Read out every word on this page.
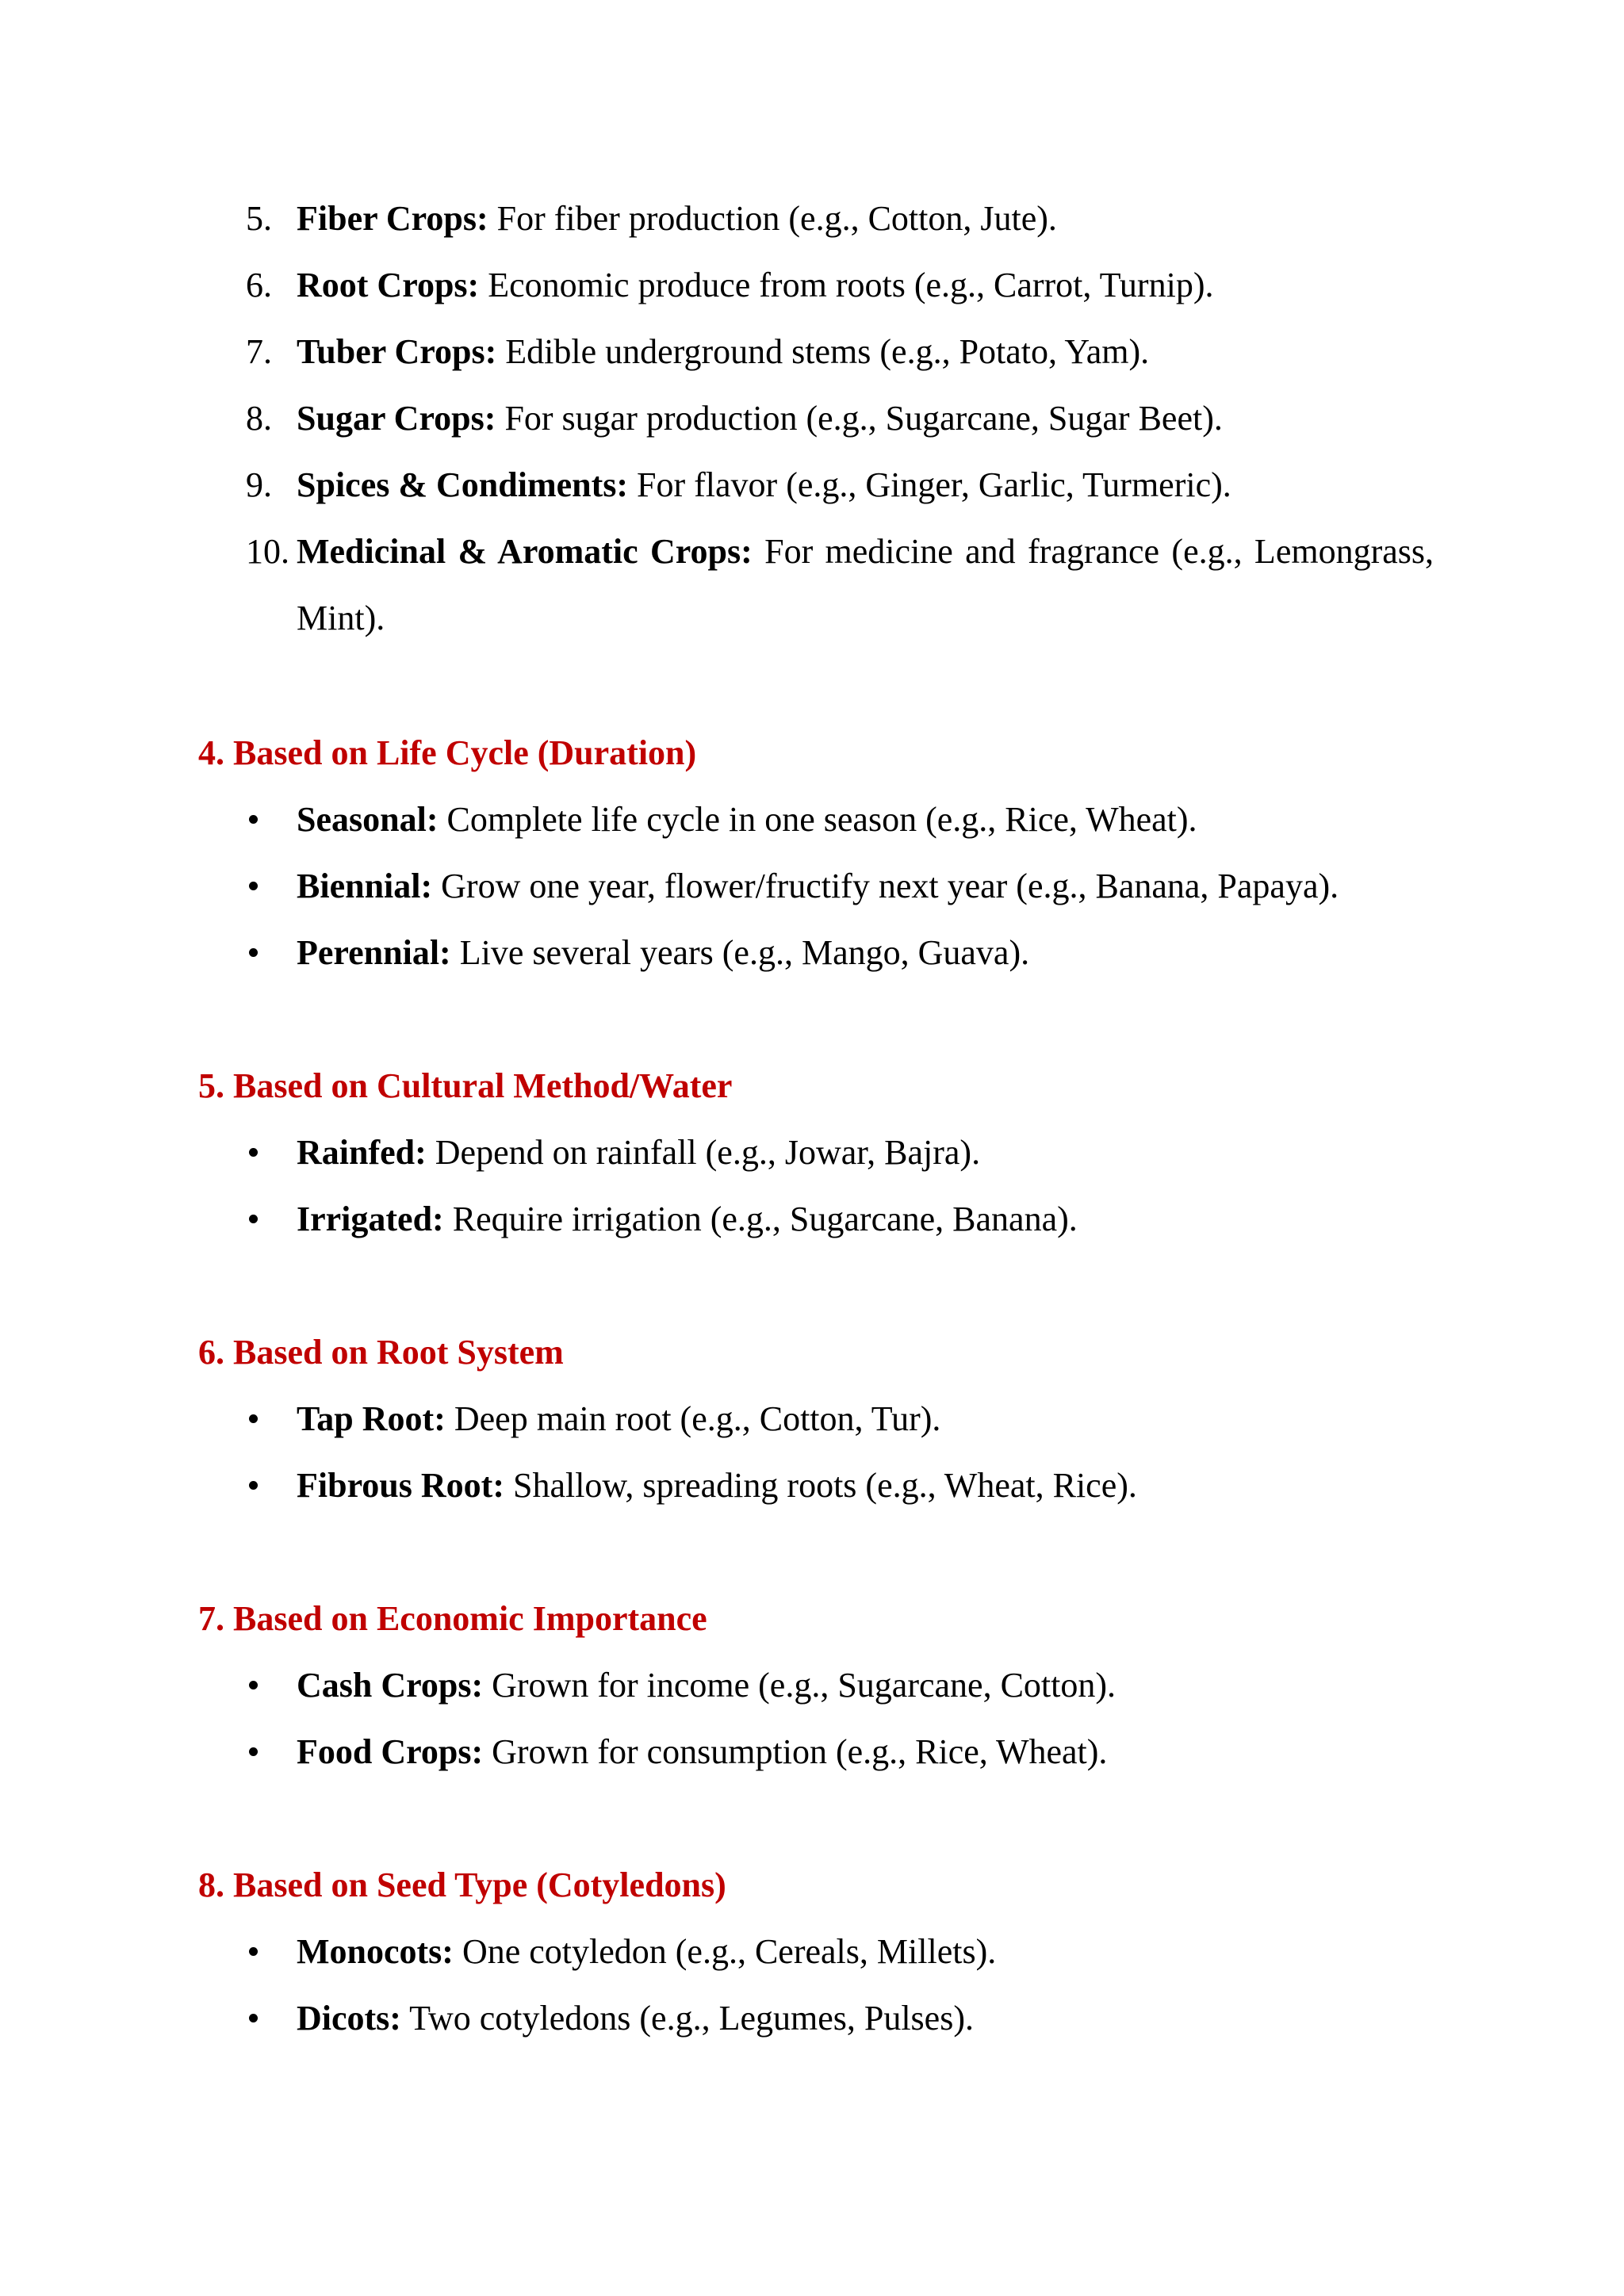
5. Fiber Crops: For fiber production (e.g., Cotton, Jute).
6. Root Crops: Economic produce from roots (e.g., Carrot, Turnip).
7. Tuber Crops: Edible underground stems (e.g., Potato, Yam).
8. Sugar Crops: For sugar production (e.g., Sugarcane, Sugar Beet).
9. Spices & Condiments: For flavor (e.g., Ginger, Garlic, Turmeric).
10. Medicinal & Aromatic Crops: For medicine and fragrance (e.g., Lemongrass, Mint).
4. Based on Life Cycle (Duration)
Seasonal: Complete life cycle in one season (e.g., Rice, Wheat).
Biennial: Grow one year, flower/fructify next year (e.g., Banana, Papaya).
Perennial: Live several years (e.g., Mango, Guava).
5. Based on Cultural Method/Water
Rainfed: Depend on rainfall (e.g., Jowar, Bajra).
Irrigated: Require irrigation (e.g., Sugarcane, Banana).
6. Based on Root System
Tap Root: Deep main root (e.g., Cotton, Tur).
Fibrous Root: Shallow, spreading roots (e.g., Wheat, Rice).
7. Based on Economic Importance
Cash Crops: Grown for income (e.g., Sugarcane, Cotton).
Food Crops: Grown for consumption (e.g., Rice, Wheat).
8. Based on Seed Type (Cotyledons)
Monocots: One cotyledon (e.g., Cereals, Millets).
Dicots: Two cotyledons (e.g., Legumes, Pulses).
